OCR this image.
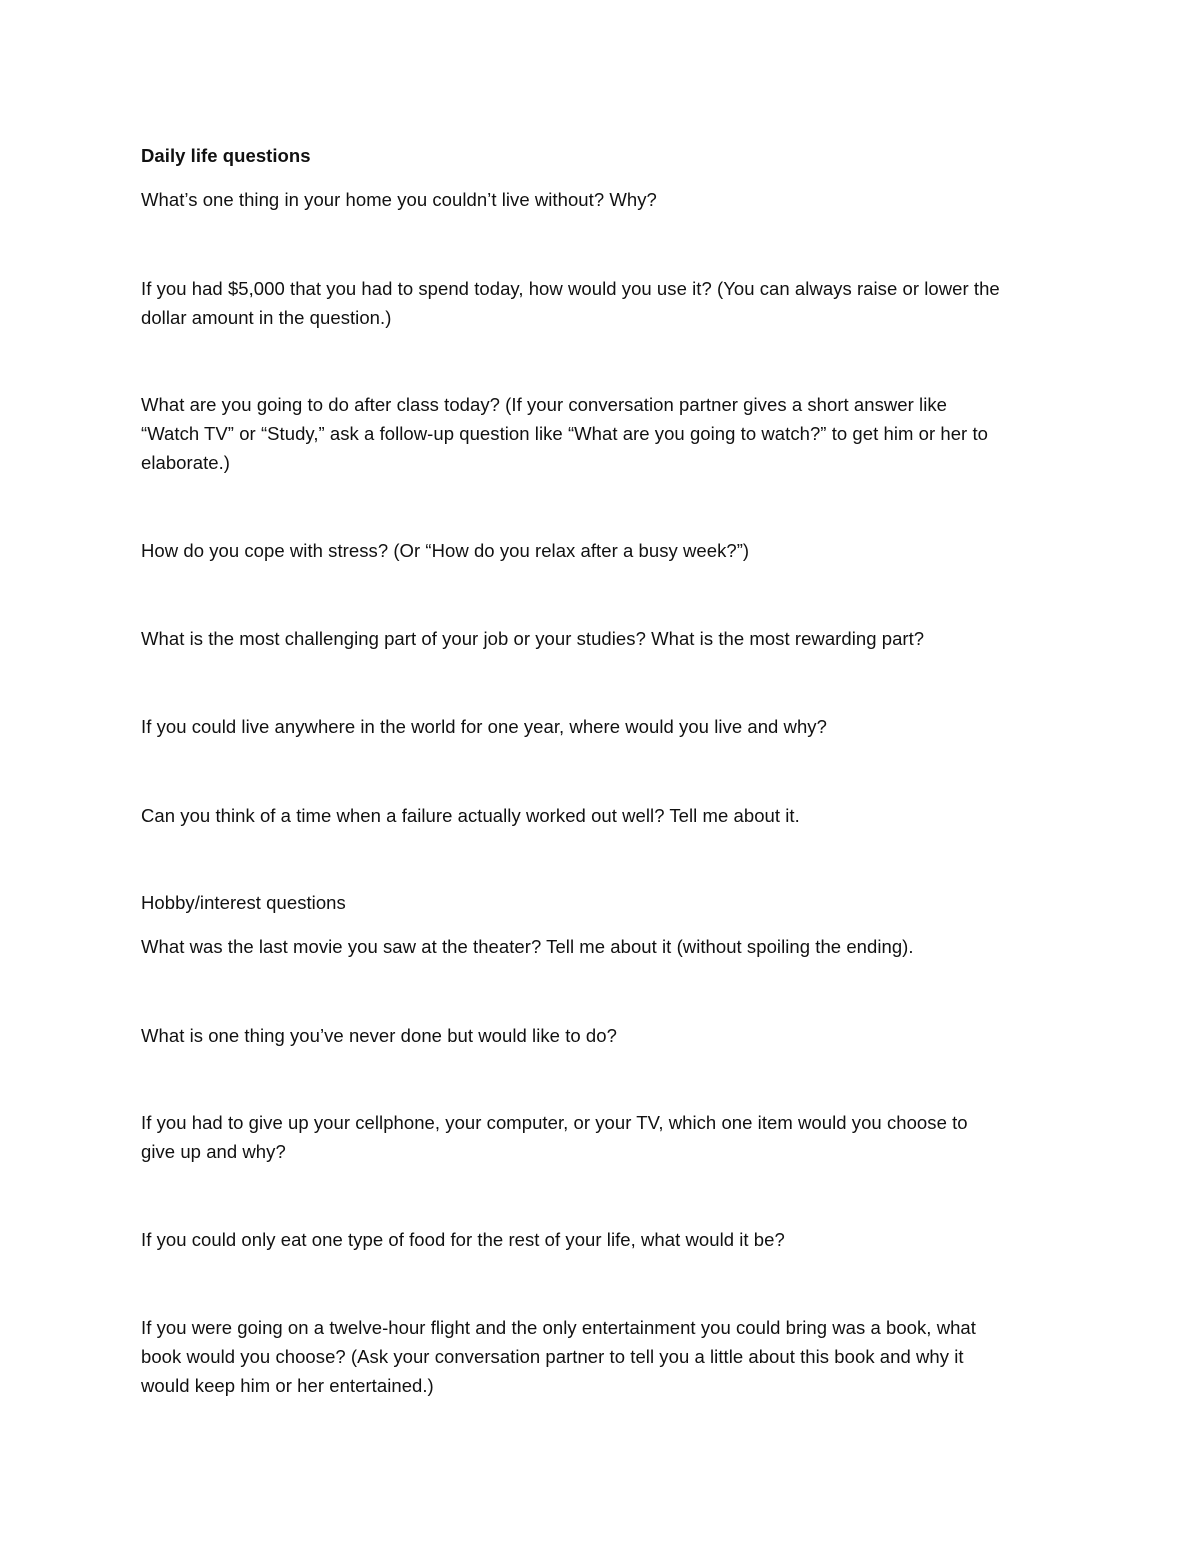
Daily life questions
What’s one thing in your home you couldn’t live without? Why?
If you had $5,000 that you had to spend today, how would you use it? (You can always raise or lower the
dollar amount in the question.)
What are you going to do after class today? (If your conversation partner gives a short answer like
“Watch TV” or “Study,” ask a follow-up question like “What are you going to watch?” to get him or her to
elaborate.)
How do you cope with stress? (Or “How do you relax after a busy week?”)
What is the most challenging part of your job or your studies? What is the most rewarding part?
If you could live anywhere in the world for one year, where would you live and why?
Can you think of a time when a failure actually worked out well? Tell me about it.
Hobby/interest questions
What was the last movie you saw at the theater? Tell me about it (without spoiling the ending).
What is one thing you’ve never done but would like to do?
If you had to give up your cellphone, your computer, or your TV, which one item would you choose to
give up and why?
If you could only eat one type of food for the rest of your life, what would it be?
If you were going on a twelve-hour flight and the only entertainment you could bring was a book, what
book would you choose? (Ask your conversation partner to tell you a little about this book and why it
would keep him or her entertained.)
